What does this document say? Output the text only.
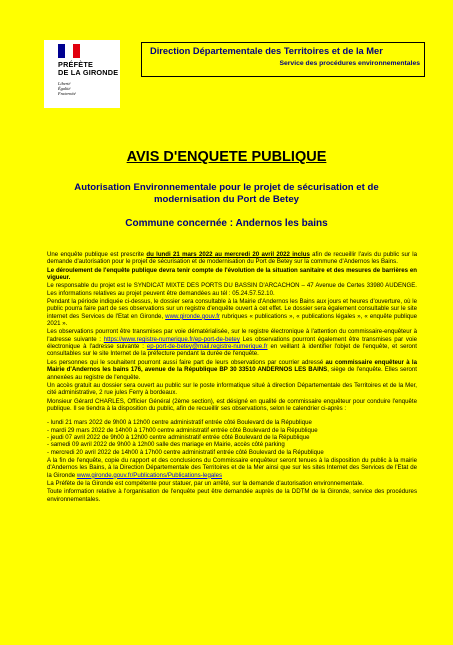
PRÉFÈTE
DE LA GIRONDE
Liberté
Égalité
Fraternité
Direction Départementale des Territoires et de la Mer
Service des procédures environnementales
AVIS D'ENQUETE PUBLIQUE
Autorisation Environnementale pour le projet de sécurisation et de modernisation du Port de Betey
Commune concernée : Andernos les bains

Une enquête publique est prescrite du lundi 21 mars 2022 au mercredi 20 avril 2022 inclus afin de recueillir l'avis du public sur la demande d'autorisation pour le projet de sécurisation et de modernisation du Port de Betey sur la commune d'Andernos les Bains.

Le déroulement de l'enquête publique devra tenir compte de l'évolution de la situation sanitaire et des mesures de barrières en vigueur.

Le responsable du projet est le SYNDICAT MIXTE DES PORTS DU BASSIN D'ARCACHON – 47 Avenue de Certes 33980 AUDENGE. Les informations relatives au projet peuvent être demandées au tél : 05.24.57.52.10.

Pendant la période indiquée ci-dessus, le dossier sera consultable à la Mairie d'Andernos les Bains aux jours et heures d'ouverture, où le public pourra faire part de ses observations sur un registre d'enquête ouvert à cet effet. Le dossier sera également consultable sur le site internet des Services de l'Etat en Gironde, www.gironde.gouv.fr rubriques « publications », « publications légales », « enquête publique 2021 ».

Les observations pourront être transmises par voie dématérialisée, sur le registre électronique à l'attention du commissaire-enquêteur à l'adresse suivante : https://www.registre-numerique.fr/ep-port-de-betey Les observations pourront également être transmises par voie électronique à l'adresse suivante : ep-port-de-betey@mail.registre-numerique.fr en veillant à identifier l'objet de l'enquête, et seront consultables sur le site Internet de la préfecture pendant la durée de l'enquête.

Les personnes qui le souhaitent pourront aussi faire part de leurs observations par courrier adressé au commissaire enquêteur à la Mairie d'Andernos les bains 176, avenue de la République BP 30 33510 ANDERNOS LES BAINS, siège de l'enquête. Elles seront annexées au registre de l'enquête.

Un accès gratuit au dossier sera ouvert au public sur le poste informatique situé à direction Départementale des Territoires et de la Mer, cité administrative, 2 rue jules Ferry à bordeaux.

Monsieur Gérard CHARLES, Officier Général (2ème section), est désigné en qualité de commissaire enquêteur pour conduire l'enquête publique. Il se tiendra à la disposition du public, afin de recueillir ses observations, selon le calendrier ci-après :

- lundi 21 mars 2022 de 9h00 à 12h00 centre administratif entrée côté Boulevard de la République
- mardi 29 mars 2022 de 14h00 à 17h00 centre administratif entrée côté Boulevard de la République
- jeudi 07 avril 2022 de 9h00 à 12h00 centre administratif entrée côté Boulevard de la République
- samedi 09 avril 2022 de 9h00 à 12h00 salle des mariage en Mairie, accès côté parking
- mercredi 20 avril 2022 de 14h00 à 17h00 centre administratif entrée côté Boulevard de la République

A la fin de l'enquête, copie du rapport et des conclusions du Commissaire enquêteur seront tenues à la disposition du public à la mairie d'Andernos les Bains, à la Direction Départementale des Territoires et de la Mer ainsi que sur les sites Internet des Services de l'Etat de la Gironde www.gironde.gouv.fr/Publications/Publications-legales

La Préfète de la Gironde est compétente pour statuer, par un arrêté, sur la demande d'autorisation environnementale.

Toute information relative à l'organisation de l'enquête peut être demandée auprès de la DDTM de la Gironde, service des procédures environnementales.
